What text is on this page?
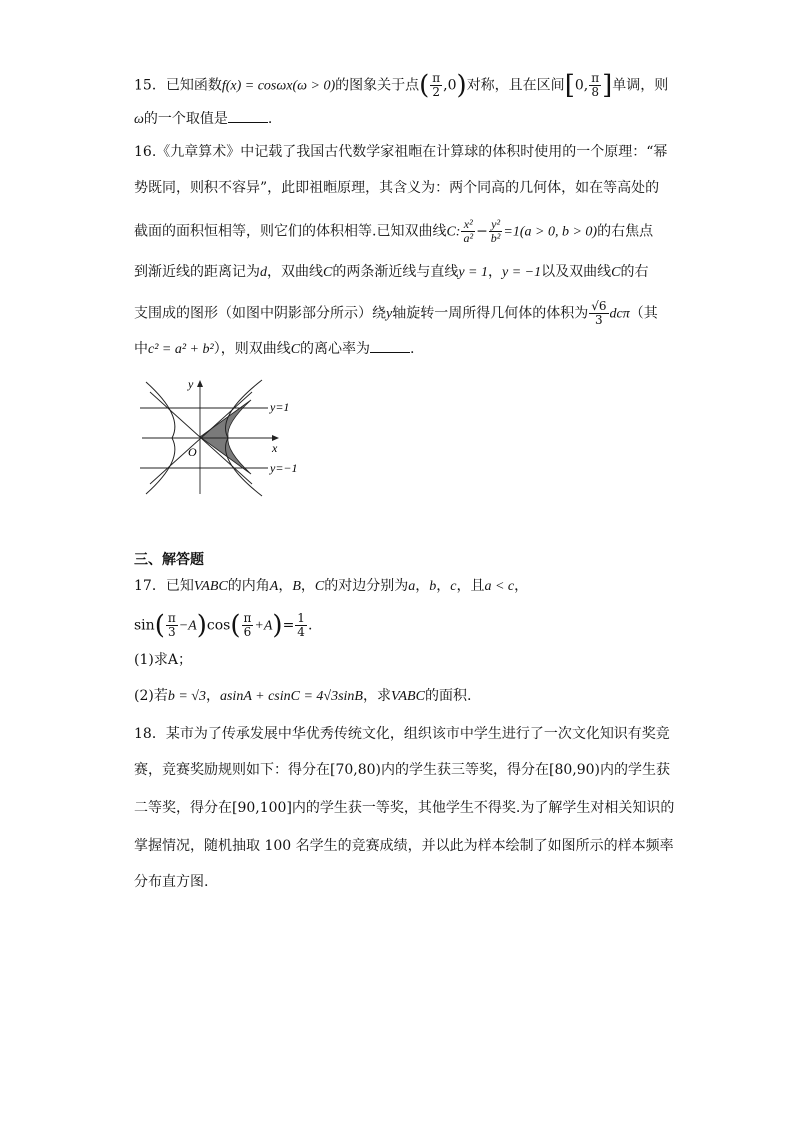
15．已知函数f(x) = cosωx(ω > 0)的图象关于点( $\frac{\pi}{2} ,0$)对称，且在区间[0, $\frac{\pi}{8}$ ]单调，则
ω的一个取值是	.
16.《九章算术》中记载了我国古代数学家祖暅在计算球的体积时使用的一个原理：“幂
势既同，则积不容异”，此即祖暅原理，其含义为：两个同高的几何体，如在等高处的
截面的面积恒相等，则它们的体积相等.已知双曲线C: $\frac{\text{x²}}{\text{a²}} - \frac{\text{y²}}{\text{b²}} =1(a > 0$, b > 0)的右焦点
到渐近线的距离记为d，双曲线C的两条渐近线与直线y = 1，y = −1以及双曲线C的右
支围成的图形（如图中阴影部分所示）绕y轴旋转一周所得几何体的体积为 $\frac{√6}{3} dc\pi$（其
中c² = a² + b²），则双曲线C的离心率为	.
y
x
O
y=1
y=−1
三、解答题
17．已知VABC的内角A，B，C的对边分别为a，b，c，且a < c，
$\sin( \frac{\pi}{3} -A)\cos( \frac{\pi}{6} +A)= \frac{1}{4}$ .
(1)求A；
(2)若b = √3，asinA + csinC = 4√3sinB，求VABC的面积.
18．某市为了传承发展中华优秀传统文化，组织该市中学生进行了一次文化知识有奖竞
赛，竞赛奖励规则如下：得分在[70,80)内的学生获三等奖，得分在[80,90)内的学生获
二等奖，得分在[90,100]内的学生获一等奖，其他学生不得奖.为了解学生对相关知识的
掌握情况，随机抽取 100 名学生的竞赛成绩，并以此为样本绘制了如图所示的样本频率
分布直方图.
